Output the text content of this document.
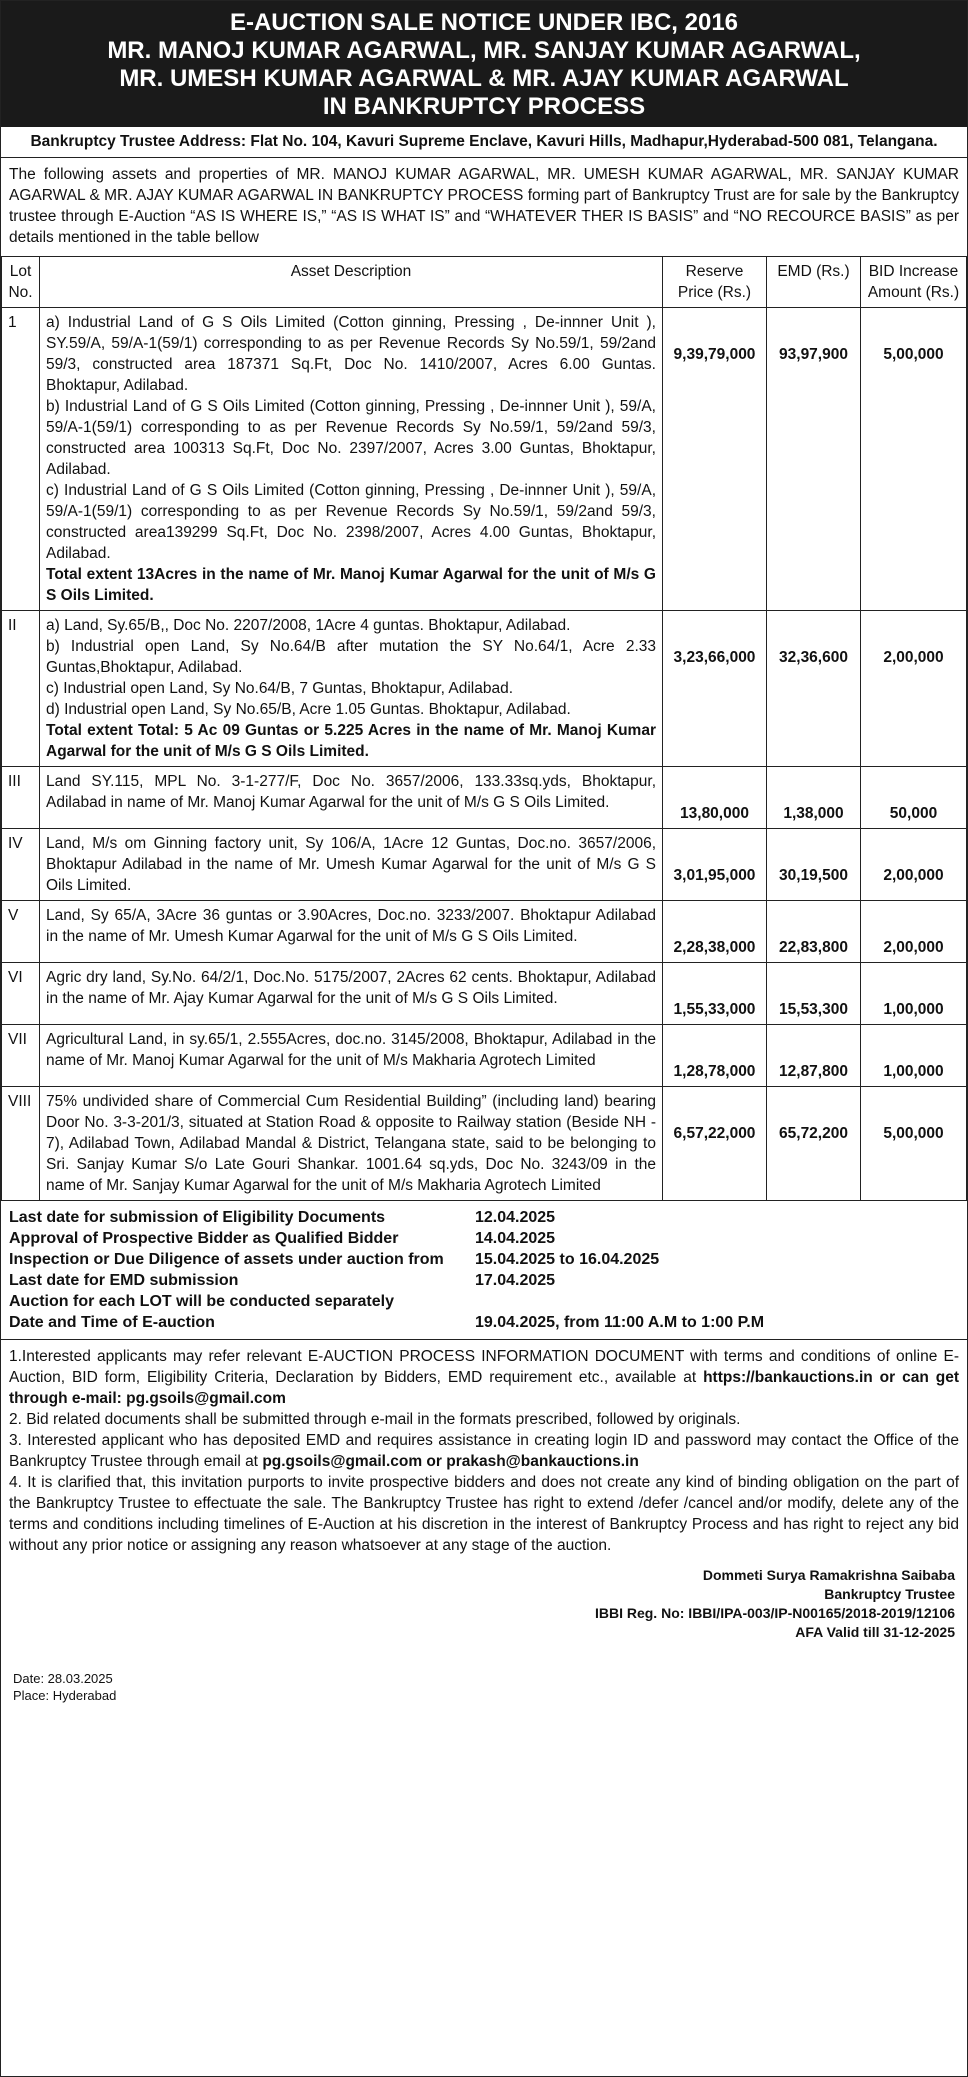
E-AUCTION SALE NOTICE UNDER IBC, 2016
MR. MANOJ KUMAR AGARWAL, MR. SANJAY KUMAR AGARWAL,
MR. UMESH KUMAR AGARWAL & MR. AJAY KUMAR AGARWAL
IN BANKRUPTCY PROCESS
Bankruptcy Trustee Address: Flat No. 104, Kavuri Supreme Enclave, Kavuri Hills, Madhapur,Hyderabad-500 081, Telangana.
The following assets and properties of MR. MANOJ KUMAR AGARWAL, MR. UMESH KUMAR AGARWAL, MR. SANJAY KUMAR AGARWAL & MR. AJAY KUMAR AGARWAL IN BANKRUPTCY PROCESS forming part of Bankruptcy Trust are for sale by the Bankruptcy trustee through E-Auction “AS IS WHERE IS,” “AS IS WHAT IS” and “WHATEVER THER IS BASIS” and “NO RECOURCE BASIS” as per details mentioned in the table bellow
Lot No.	Asset Description	Reserve Price (Rs.)	EMD (Rs.)	BID Increase Amount (Rs.)
1	a) Industrial Land of G S Oils Limited (Cotton ginning, Pressing , De-innner Unit ), SY.59/A, 59/A-1(59/1) corresponding to as per Revenue Records Sy No.59/1, 59/2and 59/3, constructed area 187371 Sq.Ft, Doc No. 1410/2007, Acres 6.00 Guntas. Bhoktapur, Adilabad.

b) Industrial Land of G S Oils Limited (Cotton ginning, Pressing , De-innner Unit ), 59/A, 59/A-1(59/1) corresponding to as per Revenue Records Sy No.59/1, 59/2and 59/3, constructed area 100313 Sq.Ft, Doc No. 2397/2007, Acres 3.00 Guntas, Bhoktapur, Adilabad.

c) Industrial Land of G S Oils Limited (Cotton ginning, Pressing , De-innner Unit ), 59/A, 59/A-1(59/1) corresponding to as per Revenue Records Sy No.59/1, 59/2and 59/3, constructed area139299 Sq.Ft, Doc No. 2398/2007, Acres 4.00 Guntas, Bhoktapur, Adilabad.

Total extent 13Acres in the name of Mr. Manoj Kumar Agarwal for the unit of M/s G S Oils Limited.	9,39,79,000	93,97,900	5,00,000
II	a) Land, Sy.65/B,, Doc No. 2207/2008, 1Acre 4 guntas. Bhoktapur, Adilabad.

b) Industrial open Land, Sy No.64/B after mutation the SY No.64/1, Acre 2.33 Guntas,Bhoktapur, Adilabad.

c) Industrial open Land, Sy No.64/B, 7 Guntas, Bhoktapur, Adilabad.

d) Industrial open Land, Sy No.65/B, Acre 1.05 Guntas. Bhoktapur, Adilabad.

Total extent Total: 5 Ac 09 Guntas or 5.225 Acres in the name of Mr. Manoj Kumar Agarwal for the unit of M/s G S Oils Limited.	3,23,66,000	32,36,600	2,00,000
III	Land SY.115, MPL No. 3-1-277/F, Doc No. 3657/2006, 133.33sq.yds, Bhoktapur, Adilabad in name of Mr. Manoj Kumar Agarwal for the unit of M/s G S Oils Limited.	13,80,000	1,38,000	50,000
IV	Land, M/s om Ginning factory unit, Sy 106/A, 1Acre 12 Guntas, Doc.no. 3657/2006, Bhoktapur Adilabad in the name of Mr. Umesh Kumar Agarwal for the unit of M/s G S Oils Limited.	3,01,95,000	30,19,500	2,00,000
V	Land, Sy 65/A, 3Acre 36 guntas or 3.90Acres, Doc.no. 3233/2007. Bhoktapur Adilabad in the name of Mr. Umesh Kumar Agarwal for the unit of M/s G S Oils Limited.	2,28,38,000	22,83,800	2,00,000
VI	Agric dry land, Sy.No. 64/2/1, Doc.No. 5175/2007, 2Acres 62 cents. Bhoktapur, Adilabad in the name of Mr. Ajay Kumar Agarwal for the unit of M/s G S Oils Limited.	1,55,33,000	15,53,300	1,00,000
VII	Agricultural Land, in sy.65/1, 2.555Acres, doc.no. 3145/2008, Bhoktapur, Adilabad in the name of Mr. Manoj Kumar Agarwal for the unit of M/s Makharia Agrotech Limited	1,28,78,000	12,87,800	1,00,000
VIII	75% undivided share of Commercial Cum Residential Building” (including land) bearing Door No. 3-3-201/3, situated at Station Road & opposite to Railway station (Beside NH - 7), Adilabad Town, Adilabad Mandal & District, Telangana state, said to be belonging to Sri. Sanjay Kumar S/o Late Gouri Shankar. 1001.64 sq.yds, Doc No. 3243/09 in the name of Mr. Sanjay Kumar Agarwal for the unit of M/s Makharia Agrotech Limited	6,57,22,000	65,72,200	5,00,000
Last date for submission of Eligibility Documents	12.04.2025
Approval of Prospective Bidder as Qualified Bidder	14.04.2025
Inspection or Due Diligence of assets under auction from	15.04.2025 to 16.04.2025
Last date for EMD submission	17.04.2025
Auction for each LOT will be conducted separately
Date and Time of E-auction	19.04.2025, from 11:00 A.M to 1:00 P.M

1.Interested applicants may refer relevant E-AUCTION PROCESS INFORMATION DOCUMENT with terms and conditions of online E-Auction, BID form, Eligibility Criteria, Declaration by Bidders, EMD requirement etc., available at https://bankauctions.in or can get through e-mail: pg.gsoils@gmail.com

2. Bid related documents shall be submitted through e-mail in the formats prescribed, followed by originals.

3. Interested applicant who has deposited EMD and requires assistance in creating login ID and password may contact the Office of the Bankruptcy Trustee through email at pg.gsoils@gmail.com or prakash@bankauctions.in

4. It is clarified that, this invitation purports to invite prospective bidders and does not create any kind of binding obligation on the part of the Bankruptcy Trustee to effectuate the sale. The Bankruptcy Trustee has right to extend /defer /cancel and/or modify, delete any of the terms and conditions including timelines of E-Auction at his discretion in the interest of Bankruptcy Process and has right to reject any bid without any prior notice or assigning any reason whatsoever at any stage of the auction.

Dommeti Surya Ramakrishna Saibaba
Bankruptcy Trustee
IBBI Reg. No: IBBI/IPA-003/IP-N00165/2018-2019/12106
AFA Valid till 31-12-2025
Date: 28.03.2025
Place: Hyderabad
